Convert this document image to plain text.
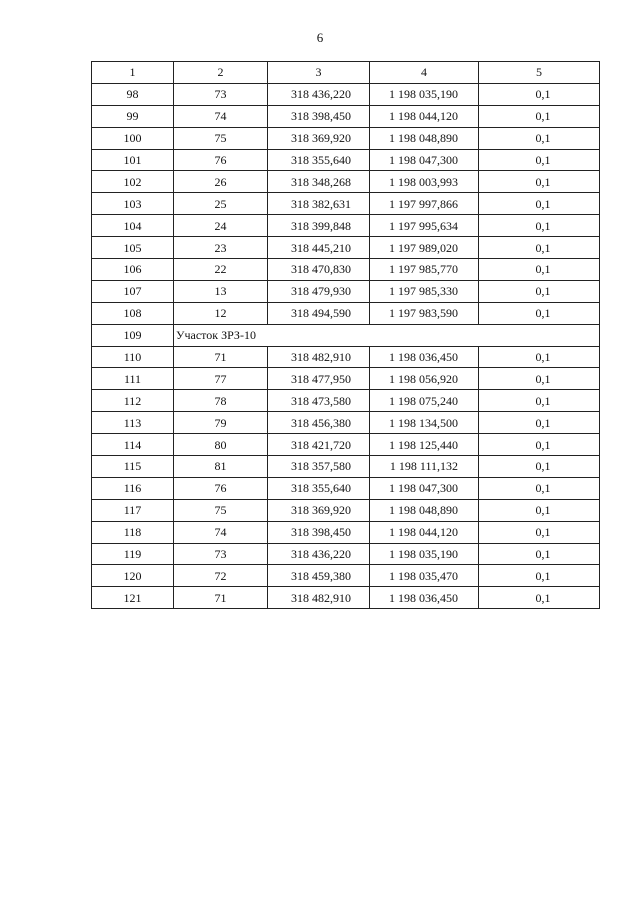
6
1	2	3	4	5
98	73	318 436,220	1 198 035,190	0,1
99	74	318 398,450	1 198 044,120	0,1
100	75	318 369,920	1 198 048,890	0,1
101	76	318 355,640	1 198 047,300	0,1
102	26	318 348,268	1 198 003,993	0,1
103	25	318 382,631	1 197 997,866	0,1
104	24	318 399,848	1 197 995,634	0,1
105	23	318 445,210	1 197 989,020	0,1
106	22	318 470,830	1 197 985,770	0,1
107	13	318 479,930	1 197 985,330	0,1
108	12	318 494,590	1 197 983,590	0,1
109	Участок ЗРЗ-10			
110	71	318 482,910	1 198 036,450	0,1
111	77	318 477,950	1 198 056,920	0,1
112	78	318 473,580	1 198 075,240	0,1
113	79	318 456,380	1 198 134,500	0,1
114	80	318 421,720	1 198 125,440	0,1
115	81	318 357,580	1 198 111,132	0,1
116	76	318 355,640	1 198 047,300	0,1
117	75	318 369,920	1 198 048,890	0,1
118	74	318 398,450	1 198 044,120	0,1
119	73	318 436,220	1 198 035,190	0,1
120	72	318 459,380	1 198 035,470	0,1
121	71	318 482,910	1 198 036,450	0,1
